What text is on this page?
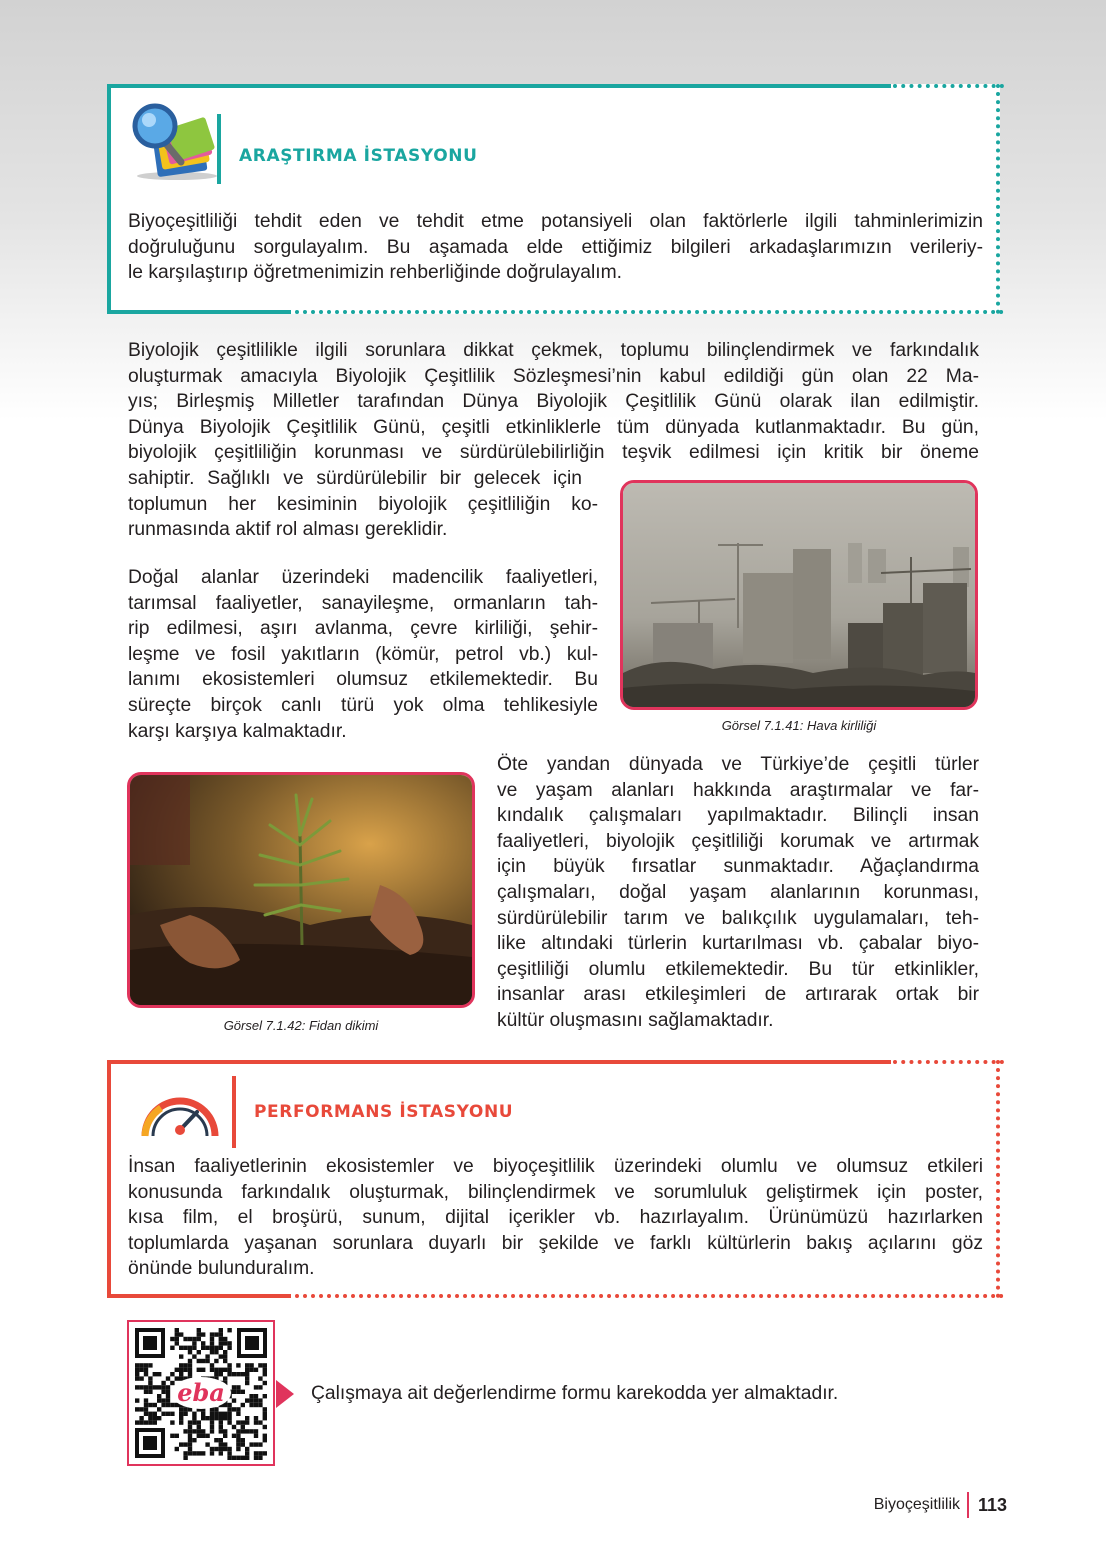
ARAŞTIRMA İSTASYONU
Biyoçeşitliliği tehdit eden ve tehdit etme potansiyeli olan faktörlerle ilgili tahminlerimizin
doğruluğunu sorgulayalım. Bu aşamada elde ettiğimiz bilgileri arkadaşlarımızın verileriy-
le karşılaştırıp öğretmenimizin rehberliğinde doğrulayalım.
Biyolojik çeşitlilikle ilgili sorunlara dikkat çekmek, toplumu bilinçlendirmek ve farkındalık
oluşturmak amacıyla Biyolojik Çeşitlilik Sözleşmesi’nin kabul edildiği gün olan 22 Ma-
yıs; Birleşmiş Milletler tarafından Dünya Biyolojik Çeşitlilik Günü olarak ilan edilmiştir.
Dünya Biyolojik Çeşitlilik Günü, çeşitli etkinliklerle tüm dünyada kutlanmaktadır. Bu gün,
biyolojik çeşitliliğin korunması ve sürdürülebilirliğin teşvik edilmesi için kritik bir öneme
sahiptir. Sağlıklı ve sürdürülebilir bir gelecek için
toplumun her kesiminin biyolojik çeşitliliğin ko-
runmasında aktif rol alması gereklidir.
Doğal alanlar üzerindeki madencilik faaliyetleri,
tarımsal faaliyetler, sanayileşme, ormanların tah-
rip edilmesi, aşırı avlanma, çevre kirliliği, şehir-
leşme ve fosil yakıtların (kömür, petrol vb.) kul-
lanımı ekosistemleri olumsuz etkilemektedir. Bu
süreçte birçok canlı türü yok olma tehlikesiyle
karşı karşıya kalmaktadır.	Görsel 7.1.41: Hava kirliliği
Görsel 7.1.42: Fidan dikimi
Öte yandan dünyada ve Türkiye’de çeşitli türler
ve yaşam alanları hakkında araştırmalar ve far-
kındalık çalışmaları yapılmaktadır. Bilinçli insan
faaliyetleri, biyolojik çeşitliliği korumak ve artırmak
için büyük fırsatlar sunmaktadır. Ağaçlandırma
çalışmaları, doğal yaşam alanlarının korunması,
sürdürülebilir tarım ve balıkçılık uygulamaları, teh-
like altındaki türlerin kurtarılması vb. çabalar biyo-
çeşitliliği olumlu etkilemektedir. Bu tür etkinlikler,
insanlar arası etkileşimleri de artırarak ortak bir
kültür oluşmasını sağlamaktadır.
PERFORMANS İSTASYONU
İnsan faaliyetlerinin ekosistemler ve biyoçeşitlilik üzerindeki olumlu ve olumsuz etkileri
konusunda farkındalık oluşturmak, bilinçlendirmek ve sorumluluk geliştirmek için poster,
kısa film, el broşürü, sunum, dijital içerikler vb. hazırlayalım. Ürünümüzü hazırlarken
toplumlarda yaşanan sorunlara duyarlı bir şekilde ve farklı kültürlerin bakış açılarını göz
önünde bulunduralım.
eba	Çalışmaya ait değerlendirme formu karekodda yer almaktadır.
Biyoçeşitlilik 113
